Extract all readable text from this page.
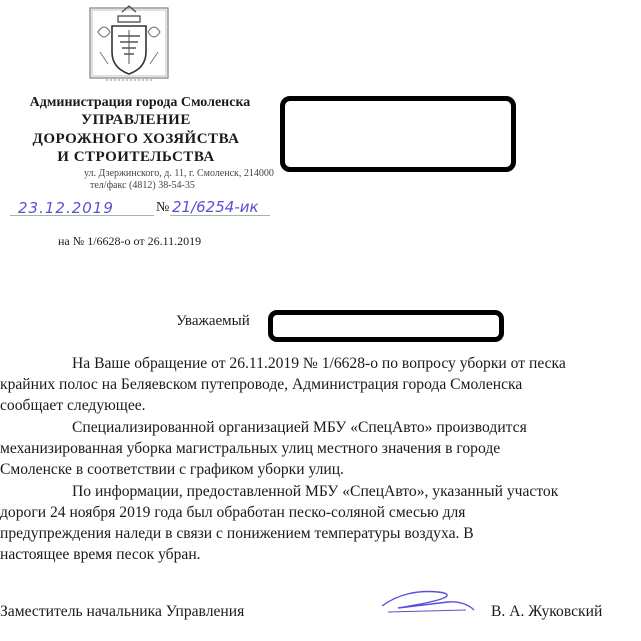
Администрация города Смоленска
УПРАВЛЕНИЕ
ДОРОЖНОГО ХОЗЯЙСТВА
И СТРОИТЕЛЬСТВА
ул. Дзержинского, д. 11, г. Смоленск, 214000
тел/факс (4812) 38-54-35
23.12.2019	№ 21/6254-ик
на № 1/6628-о от 26.11.2019
Уважаемый

На Ваше обращение от 26.11.2019 № 1/6628-о по вопросу уборки от песка
крайних полос на Беляевском путепроводе, Администрация города Смоленска
сообщает следующее.

Специализированной организацией МБУ «СпецАвто» производится
механизированная уборка магистральных улиц местного значения в городе
Смоленске в соответствии с графиком уборки улиц.

По информации, предоставленной МБУ «СпецАвто», указанный участок
дороги 24 ноября 2019 года был обработан песко-соляной смесью для
предупреждения наледи в связи с понижением температуры воздуха. В
настоящее время песок убран.

Заместитель начальника Управления	В. А. Жуковский
